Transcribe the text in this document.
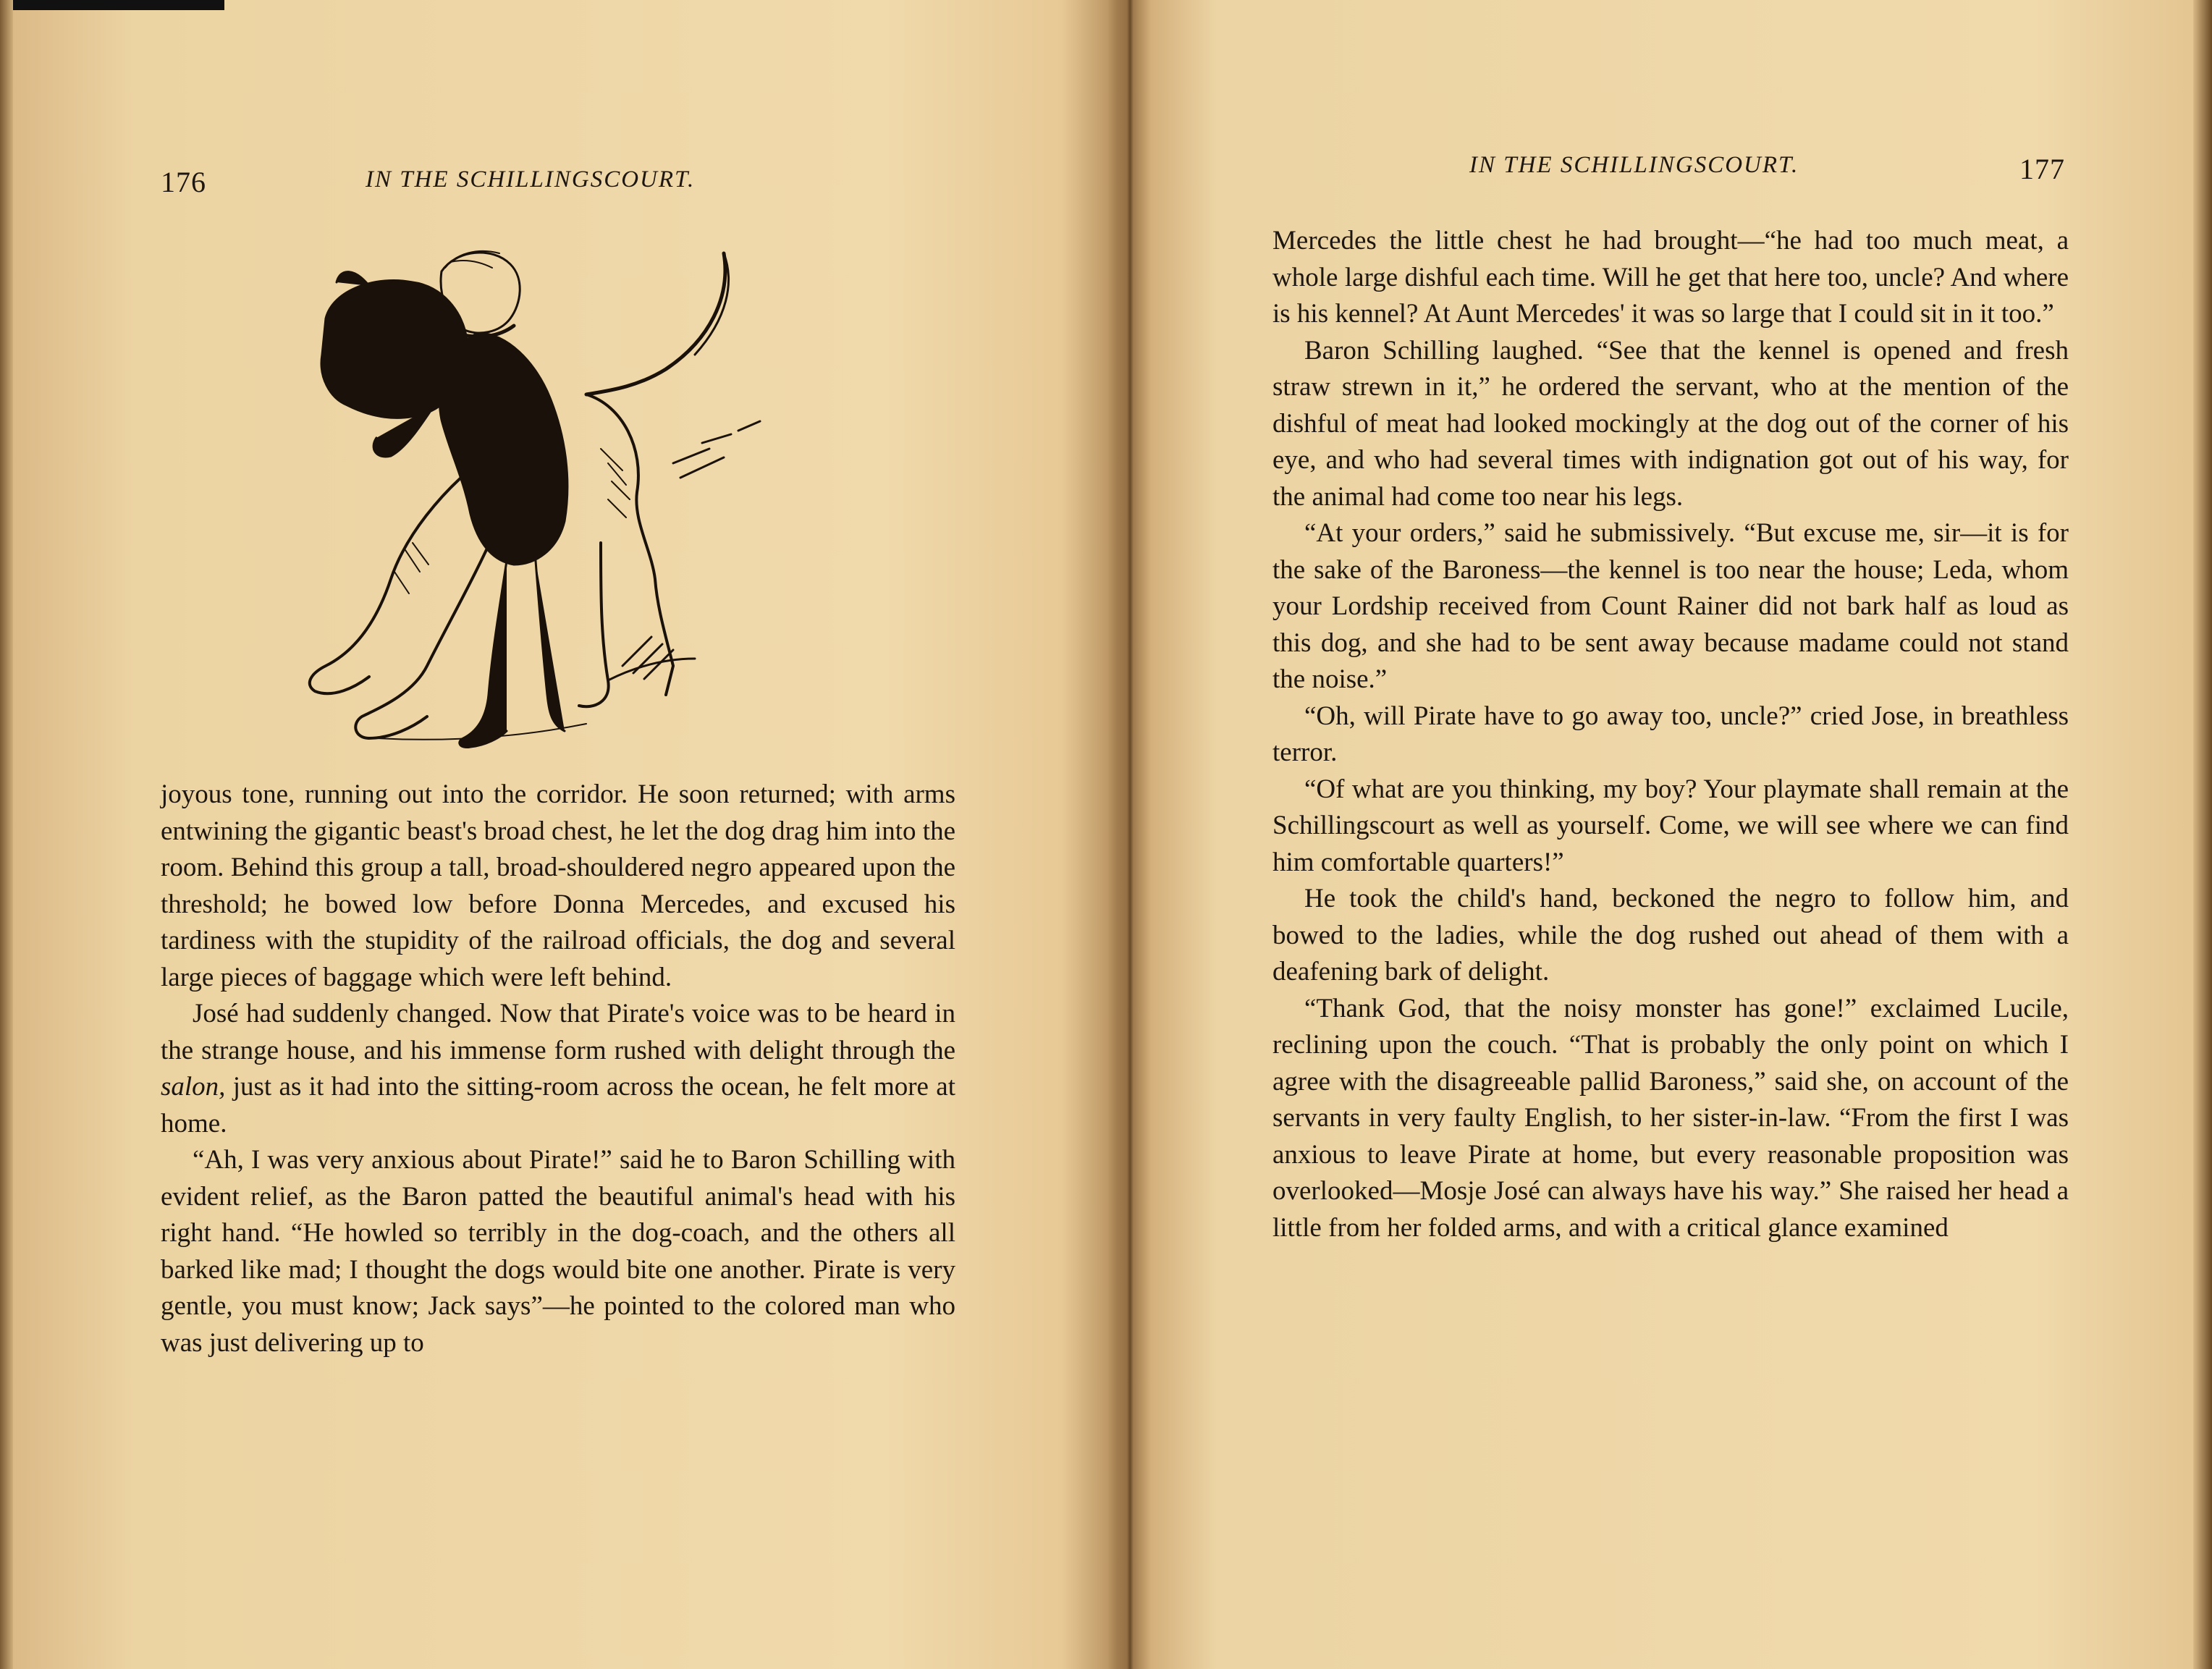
176	IN THE SCHILLINGSCOURT.

joyous tone, running out into the corridor. He soon returned; with arms entwining the gigantic beast's broad chest, he let the dog drag him into the room. Behind this group a tall, broad-shouldered negro appeared upon the threshold; he bowed low before Donna Mercedes, and excused his tardiness with the stupidity of the railroad officials, the dog and several large pieces of baggage which were left behind.

José had suddenly changed. Now that Pirate's voice was to be heard in the strange house, and his immense form rushed with delight through the salon, just as it had into the sitting-room across the ocean, he felt more at home.

“Ah, I was very anxious about Pirate!” said he to Baron Schilling with evident relief, as the Baron patted the beautiful animal's head with his right hand. “He howled so terribly in the dog-coach, and the others all barked like mad; I thought the dogs would bite one another. Pirate is very gentle, you must know; Jack says”—he pointed to the colored man who was just delivering up to

IN THE SCHILLINGSCOURT.	177

Mercedes the little chest he had brought—“he had too much meat, a whole large dishful each time. Will he get that here too, uncle? And where is his kennel? At Aunt Mercedes' it was so large that I could sit in it too.”

Baron Schilling laughed. “See that the kennel is opened and fresh straw strewn in it,” he ordered the servant, who at the mention of the dishful of meat had looked mockingly at the dog out of the corner of his eye, and who had several times with indignation got out of his way, for the animal had come too near his legs.

“At your orders,” said he submissively. “But excuse me, sir—it is for the sake of the Baroness—the kennel is too near the house; Leda, whom your Lordship received from Count Rainer did not bark half as loud as this dog, and she had to be sent away because madame could not stand the noise.”

“Oh, will Pirate have to go away too, uncle?” cried Jose, in breathless terror.

“Of what are you thinking, my boy? Your playmate shall remain at the Schillingscourt as well as yourself. Come, we will see where we can find him comfortable quarters!”

He took the child's hand, beckoned the negro to follow him, and bowed to the ladies, while the dog rushed out ahead of them with a deafening bark of delight.

“Thank God, that the noisy monster has gone!” exclaimed Lucile, reclining upon the couch. “That is probably the only point on which I agree with the disagreeable pallid Baroness,” said she, on account of the servants in very faulty English, to her sister-in-law. “From the first I was anxious to leave Pirate at home, but every reasonable proposition was overlooked—Mosje José can always have his way.” She raised her head a little from her folded arms, and with a critical glance examined
